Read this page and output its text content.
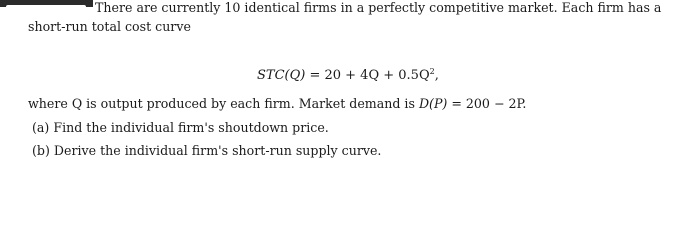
There are currently 10 identical firms in a perfectly competitive market. Each firm has a
short-run total cost curve
$STC(Q) = 20 + 4Q + 0.5Q^2$,
where Q is output produced by each firm. Market demand is D(P) = 200 − 2P.
(a) Find the individual firm's shoutdown price.
(b) Derive the individual firm's short-run supply curve.
